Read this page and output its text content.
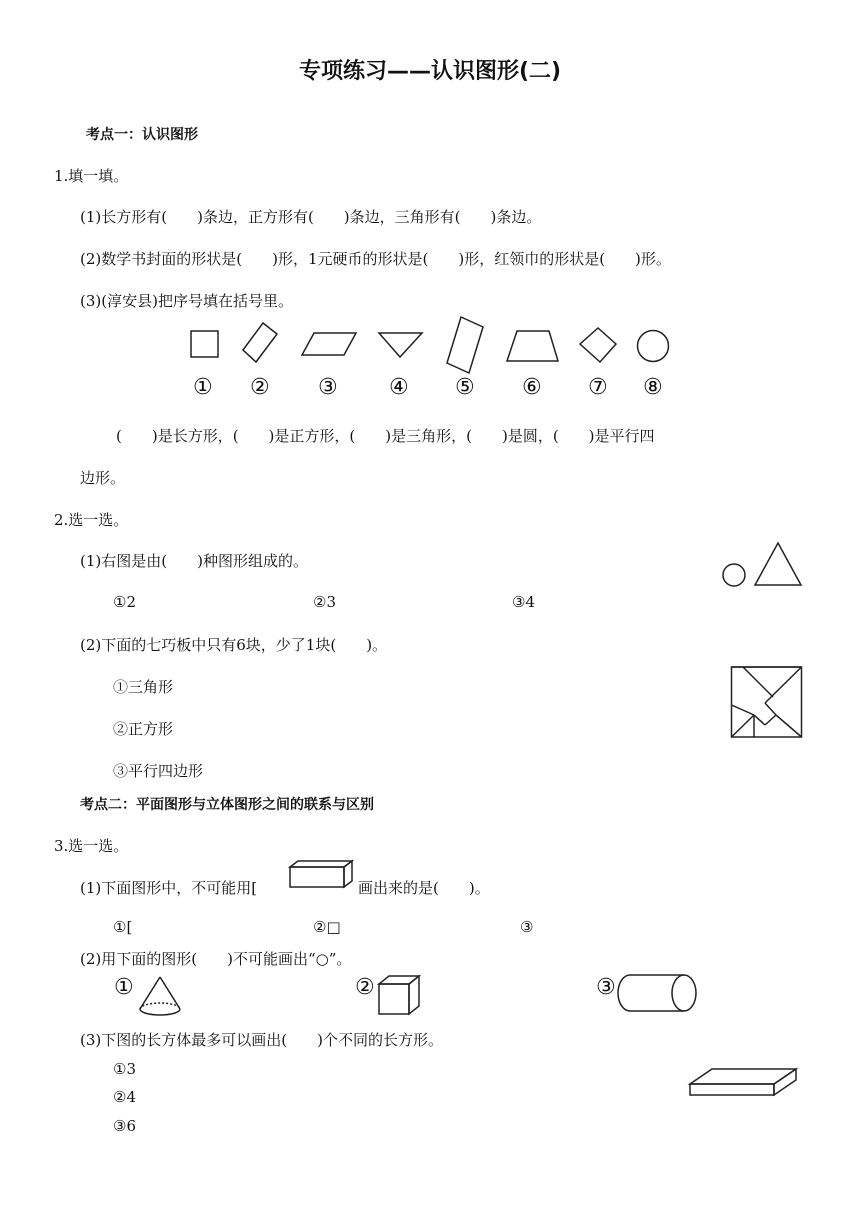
专项练习——认识图形(二)
考点一：认识图形
1.填一填。
(1)长方形有(　　)条边，正方形有(　　)条边，三角形有(　　)条边。
(2)数学书封面的形状是(　　)形，1元硬币的形状是(　　)形，红领巾的形状是(　　)形。
(3)(淳安县)把序号填在括号里。
① ② ③ ④ ⑤ ⑥ ⑦ ⑧
(　　)是长方形，(　　)是正方形，(　　)是三角形，(　　)是圆，(　　)是平行四
边形。
2.选一选。
(1)右图是由(　　)种图形组成的。
①2	②3	③4
(2)下面的七巧板中只有6块，少了1块(　　)。
①三角形
②正方形
③平行四边形
考点二：平面图形与立体图形之间的联系与区别
3.选一选。
(1)下面图形中，不可能用[	画出来的是(　　)。
①[	②□	③
(2)用下面的图形(　　)不可能画出“○”。
①	②	③
(3)下图的长方体最多可以画出(　　)个不同的长方形。
①3
②4
③6
